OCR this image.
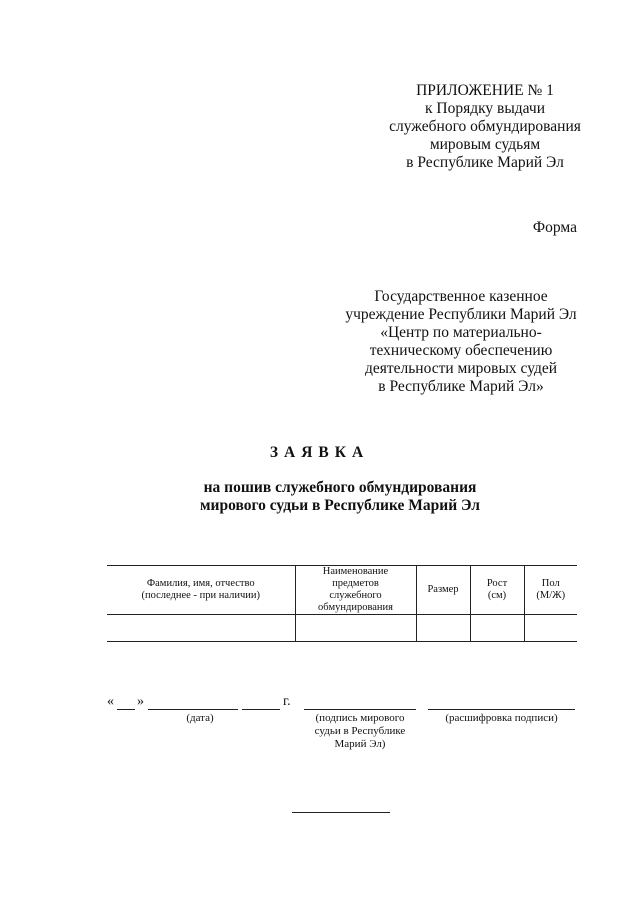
ПРИЛОЖЕНИЕ № 1
к Порядку выдачи
служебного обмундирования
мировым судьям
в Республике Марий Эл
Форма
Государственное казенное
учреждение Республики Марий Эл
«Центр по материально-
техническому обеспечению
деятельности мировых судей
в Республике Марий Эл»
ЗАЯВКА
на пошив служебного обмундирования
мирового судьи в Республике Марий Эл
Фамилия, имя, отчество (последнее - при наличии)	Наименование предметов служебного обмундирования	Размер	Рост (см)	Пол (М/Ж)

« »	г.
(дата)	(подпись мирового судьи в Республике Марий Эл)
(расшифровка подписи)
